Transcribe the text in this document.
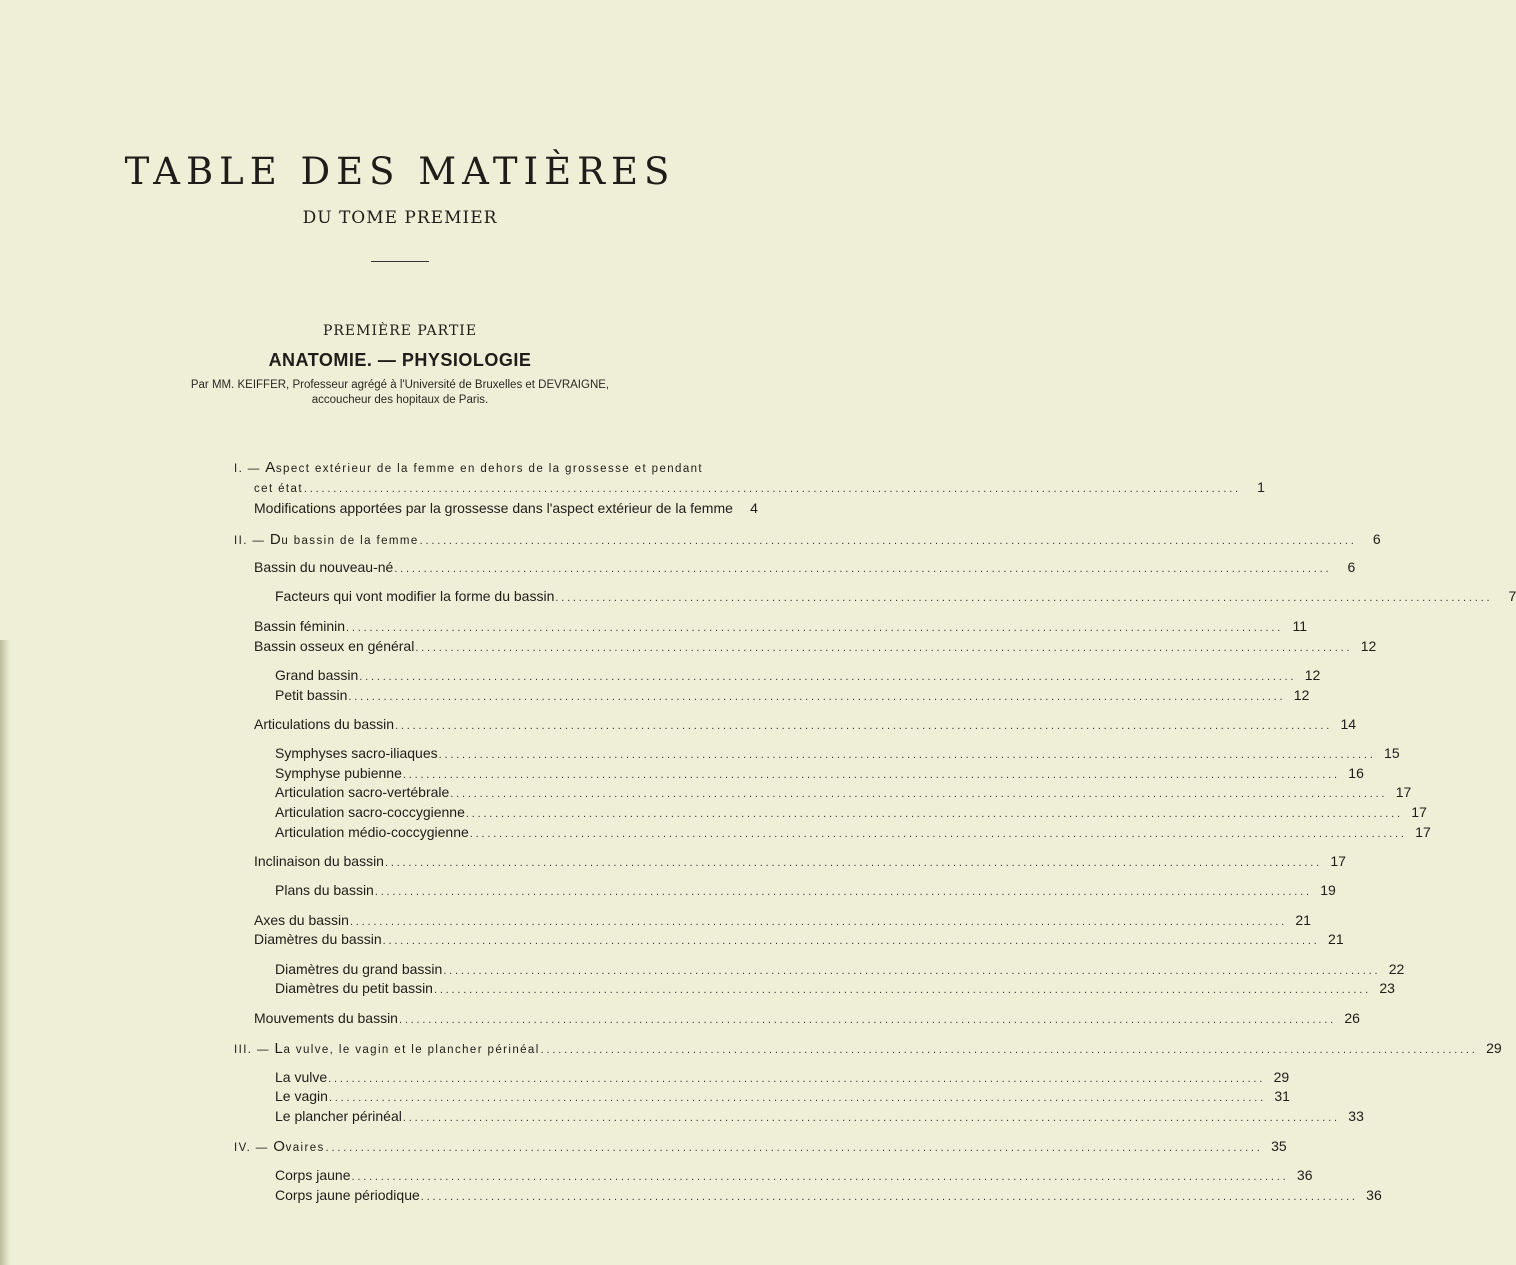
TABLE DES MATIÈRES
DU TOME PREMIER
PREMIÈRE PARTIE
ANATOMIE. — PHYSIOLOGIE
Par MM. KEIFFER, Professeur agrégé à l'Université de Bruxelles et DEVRAIGNE,
accoucheur des hopitaux de Paris.
I. — Aspect extérieur de la femme en dehors de la grossesse et pendant
cet état ................................................................................................................................................................	1
Modifications apportées par la grossesse dans l'aspect extérieur de la femme	4
II. — Du bassin de la femme ................................................................................................................................................................	6
Bassin du nouveau-né ................................................................................................................................................................	6
Facteurs qui vont modifier la forme du bassin ................................................................................................................................................................	7
Bassin féminin ................................................................................................................................................................ 11
Bassin osseux en général ................................................................................................................................................................ 12
Grand bassin ................................................................................................................................................................ 12
Petit bassin ................................................................................................................................................................ 12
Articulations du bassin ................................................................................................................................................................ 14
Symphyses sacro-iliaques ................................................................................................................................................................ 15
Symphyse pubienne ................................................................................................................................................................ 16
Articulation sacro-vertébrale ................................................................................................................................................................ 17
Articulation sacro-coccygienne ................................................................................................................................................................ 17
Articulation médio-coccygienne ................................................................................................................................................................ 17
Inclinaison du bassin ................................................................................................................................................................ 17
Plans du bassin ................................................................................................................................................................ 19
Axes du bassin ................................................................................................................................................................ 21
Diamètres du bassin ................................................................................................................................................................ 21
Diamètres du grand bassin ................................................................................................................................................................ 22
Diamètres du petit bassin ................................................................................................................................................................ 23
Mouvements du bassin ................................................................................................................................................................ 26
III. — La vulve, le vagin et le plancher périnéal ................................................................................................................................................................ 29
La vulve ................................................................................................................................................................ 29
Le vagin ................................................................................................................................................................ 31
Le plancher périnéal ................................................................................................................................................................ 33
IV. — Ovaires ................................................................................................................................................................ 35
Corps jaune ................................................................................................................................................................ 36
Corps jaune périodique ................................................................................................................................................................ 36
